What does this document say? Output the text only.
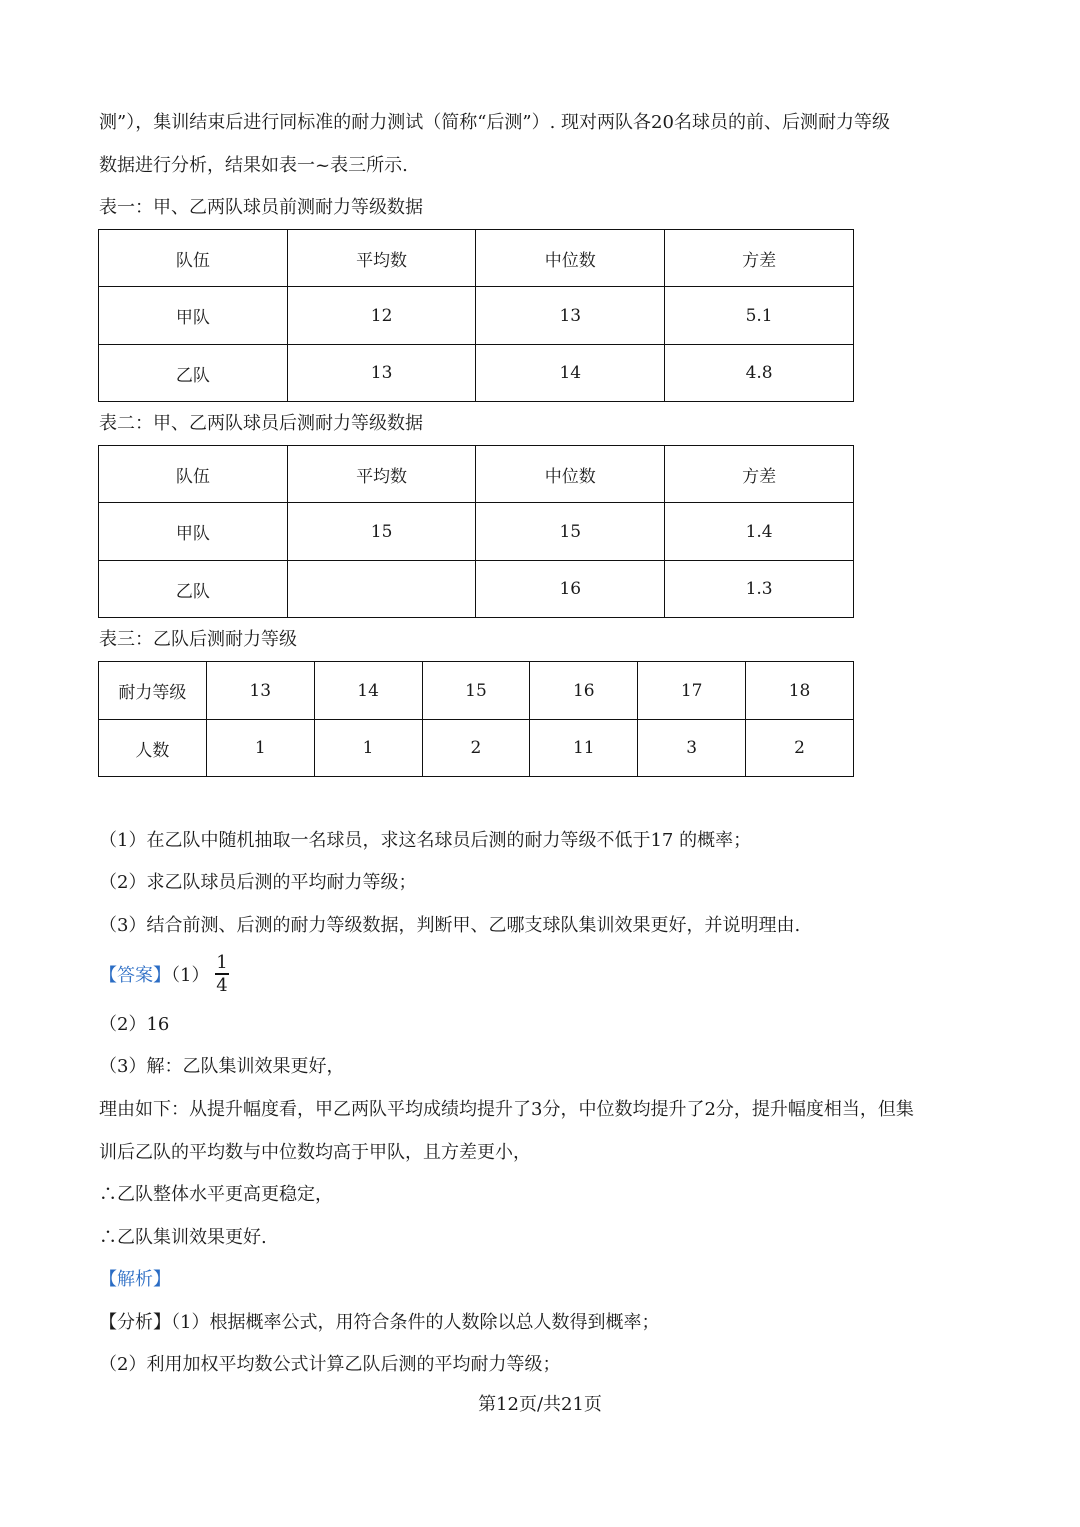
测”），集训结束后进行同标准的耐力测试（简称“后测”）. 现对两队各20名球员的前、后测耐力等级
数据进行分析，结果如表一~表三所示.
表一：甲、乙两队球员前测耐力等级数据
队伍	平均数	中位数	方差
甲队	12	13	5.1
乙队	13	14	4.8
表二：甲、乙两队球员后测耐力等级数据
队伍	平均数	中位数	方差
甲队	15	15	1.4
乙队		16	1.3
表三：乙队后测耐力等级
耐力等级	13	14	15	16	17	18
人数	1	1	2	11	3	2
（1）在乙队中随机抽取一名球员，求这名球员后测的耐力等级不低于17 的概率；
（2）求乙队球员后测的平均耐力等级；
（3）结合前测、后测的耐力等级数据，判断甲、乙哪支球队集训效果更好，并说明理由.
【答案】（1）
1
4
（2）16
（3）解：乙队集训效果更好，
理由如下：从提升幅度看，甲乙两队平均成绩均提升了3分，中位数均提升了2分，提升幅度相当，但集
训后乙队的平均数与中位数均高于甲队，且方差更小，
∴乙队整体水平更高更稳定，
∴乙队集训效果更好.
【解析】
【分析】（1）根据概率公式，用符合条件的人数除以总人数得到概率；
（2）利用加权平均数公式计算乙队后测的平均耐力等级；
第12页/共21页
